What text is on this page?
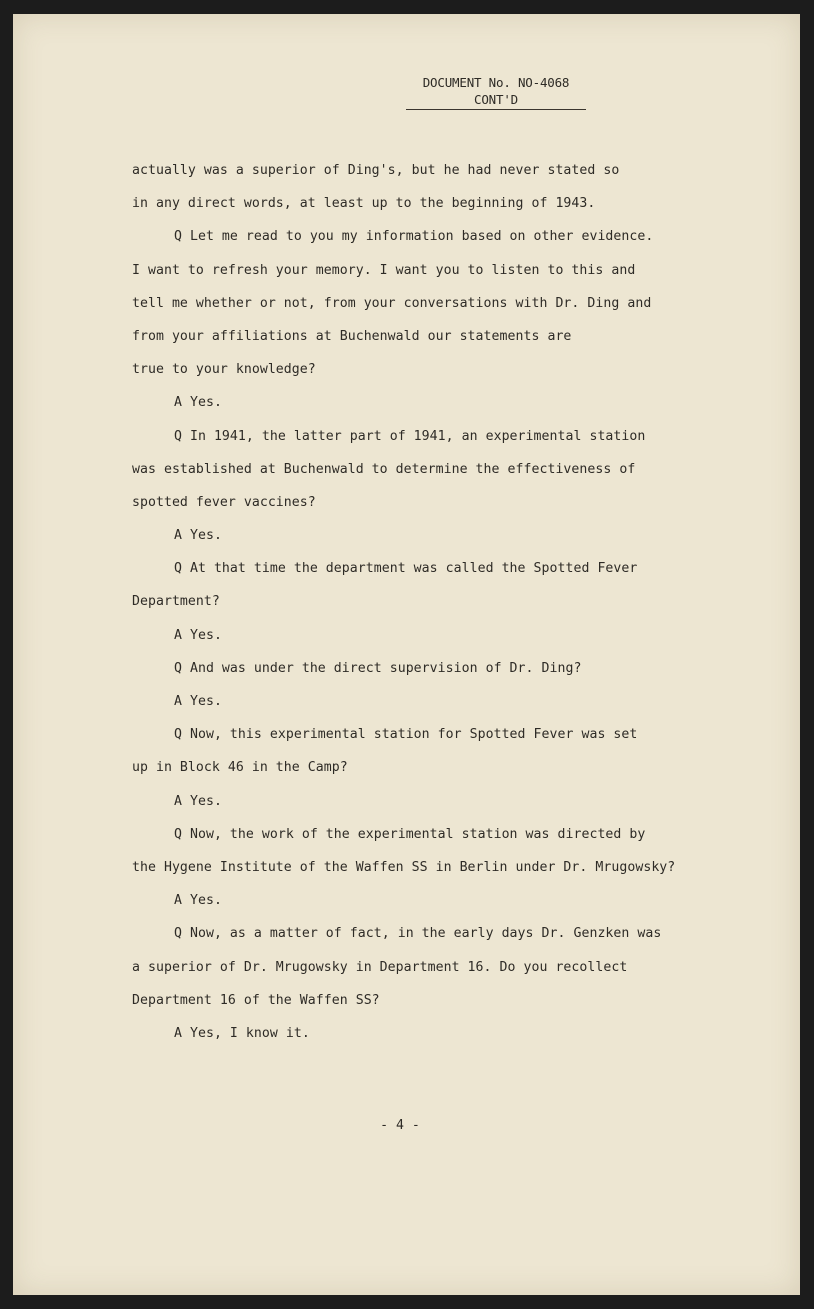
DOCUMENT No. NO-4068
CONT'D
actually was a superior of Ding's, but he had never stated so
in any direct words, at least up to the beginning of 1943.
Q Let me read to you my information based on other evidence.
I want to refresh your memory. I want you to listen to this and
tell me whether or not, from your conversations with Dr. Ding and
from your affiliations at Buchenwald our statements are
true to your knowledge?
A Yes.
Q In 1941, the latter part of 1941, an experimental station
was established at Buchenwald to determine the effectiveness of
spotted fever vaccines?
A Yes.
Q At that time the department was called the Spotted Fever
Department?
A Yes.
Q And was under the direct supervision of Dr. Ding?
A Yes.
Q Now, this experimental station for Spotted Fever was set
up in Block 46 in the Camp?
A Yes.
Q Now, the work of the experimental station was directed by
the Hygene Institute of the Waffen SS in Berlin under Dr. Mrugowsky?
A Yes.
Q Now, as a matter of fact, in the early days Dr. Genzken was
a superior of Dr. Mrugowsky in Department 16. Do you recollect
Department 16 of the Waffen SS?
A Yes, I know it.
- 4 -
